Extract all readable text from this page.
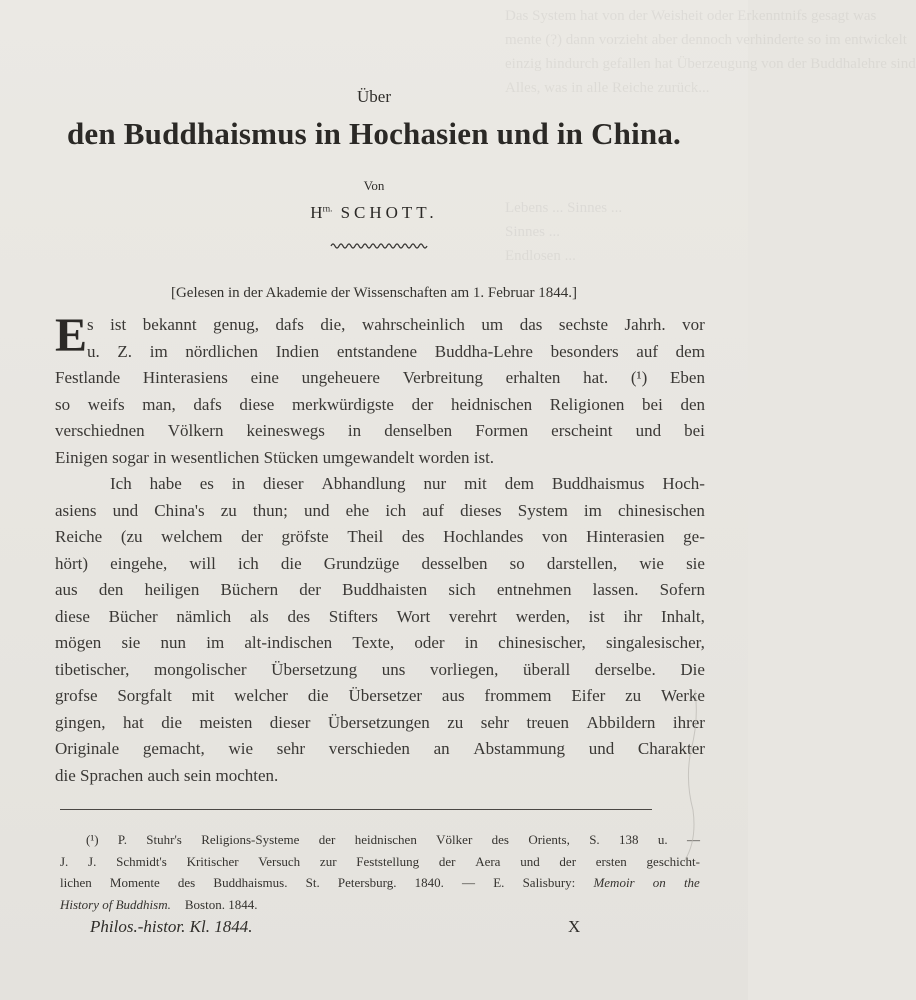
Das System hat von der Weisheit oder Erkenntnifs gesagt was
mente (?) dann vorzieht aber dennoch verhinderte so im entwickelt
einzig hindurch gefallen hat Überzeugung von der Buddhalehre sind
Alles, was in alle Reiche zurück...

Lebens ... Sinnes ...
Sinnes ...
Endlosen ...
Über
den Buddhaismus in Hochasien und in China.
Von
$H^{rn.}$ SCHOTT.
[Gelesen in der Akademie der Wissenschaften am 1. Februar 1844.]
E s ist bekannt genug, dafs die, wahrscheinlich um das sechste Jahrh. vor
u. Z. im nördlichen Indien entstandene Buddha-Lehre besonders auf dem
Festlande Hinterasiens eine ungeheuere Verbreitung erhalten hat. (¹) Eben
so weifs man, dafs diese merkwürdigste der heidnischen Religionen bei den
verschiednen Völkern keineswegs in denselben Formen erscheint und bei
Einigen sogar in wesentlichen Stücken umgewandelt worden ist.
Ich habe es in dieser Abhandlung nur mit dem Buddhaismus Hoch-
asiens und China's zu thun; und ehe ich auf dieses System im chinesischen
Reiche (zu welchem der gröfste Theil des Hochlandes von Hinterasien ge-
hört) eingehe, will ich die Grundzüge desselben so darstellen, wie sie
aus den heiligen Büchern der Buddhaisten sich entnehmen lassen. Sofern
diese Bücher nämlich als des Stifters Wort verehrt werden, ist ihr Inhalt,
mögen sie nun im alt-indischen Texte, oder in chinesischer, singalesischer,
tibetischer, mongolischer Übersetzung uns vorliegen, überall derselbe. Die
grofse Sorgfalt mit welcher die Übersetzer aus frommem Eifer zu Werke
gingen, hat die meisten dieser Übersetzungen zu sehr treuen Abbildern ihrer
Originale gemacht, wie sehr verschieden an Abstammung und Charakter
die Sprachen auch sein mochten.
(¹) P. Stuhr's Religions-Systeme der heidnischen Völker des Orients, S. 138 u. —
J. J. Schmidt's Kritischer Versuch zur Feststellung der Aera und der ersten geschicht-
lichen Momente des Buddhaismus. St. Petersburg. 1840. — E. Salisbury: Memoir on the
History of Buddhism. Boston. 1844.
Philos.-histor. Kl. 1844.	X
